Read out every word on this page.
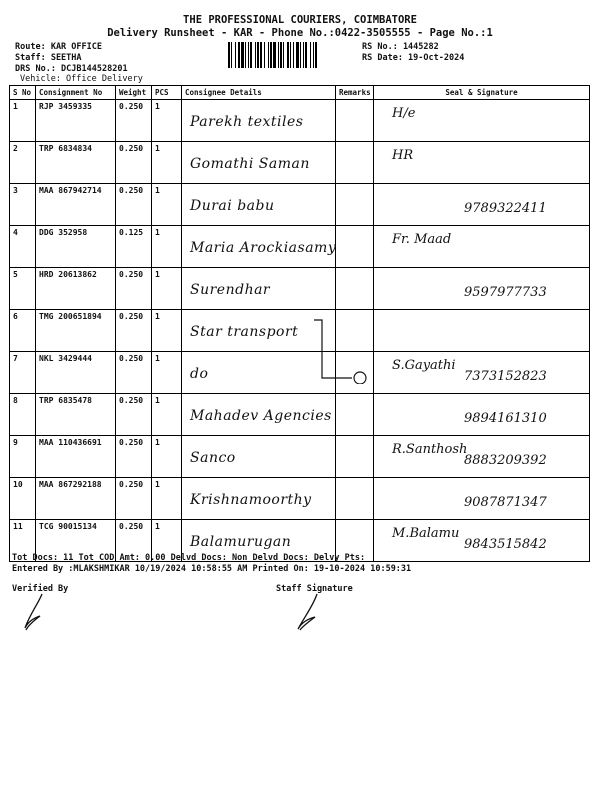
THE PROFESSIONAL COURIERS, COIMBATORE
Delivery Runsheet - KAR - Phone No.:0422-3505555 - Page No.:1
Route: KAR OFFICE
Staff: SEETHA
DRS No.: DCJB144528201
Vehicle: Office Delivery
RS No.: 1445282
RS Date: 19-Oct-2024
S No	Consignment No	Weight	PCS	Consignee Details	Remarks	Seal & Signature
1	RJP 3459335	0.250	1	Parekh textiles		H/e

2	TRP 6834834	0.250	1	Gomathi Saman		HR

3	MAA 867942714	0.250	1	Durai babu		9789322411

4	DDG 352958	0.125	1	Maria Arockiasamy		Fr. Maad

5	HRD 20613862	0.250	1	Surendhar		9597977733

6	TMG 200651894	0.250	1	Star transport		

7	NKL 3429444	0.250	1	do		S.Gayathi
7373152823

8	TRP 6835478	0.250	1	Mahadev Agencies		9894161310

9	MAA 110436691	0.250	1	Sanco		R.Santhosh
8883209392

10	MAA 867292188	0.250	1	Krishnamoorthy		9087871347

11	TCG 90015134	0.250	1	Balamurugan		M.Balamu
9843515842
Tot Docs: 11 Tot COD Amt: 0.00 Delvd Docs: Non Delvd Docs: Delvy Pts:
Entered By :MLAKSHMIKAR 10/19/2024 10:58:55 AM Printed On: 19-10-2024 10:59:31
Verified By	Staff Signature
